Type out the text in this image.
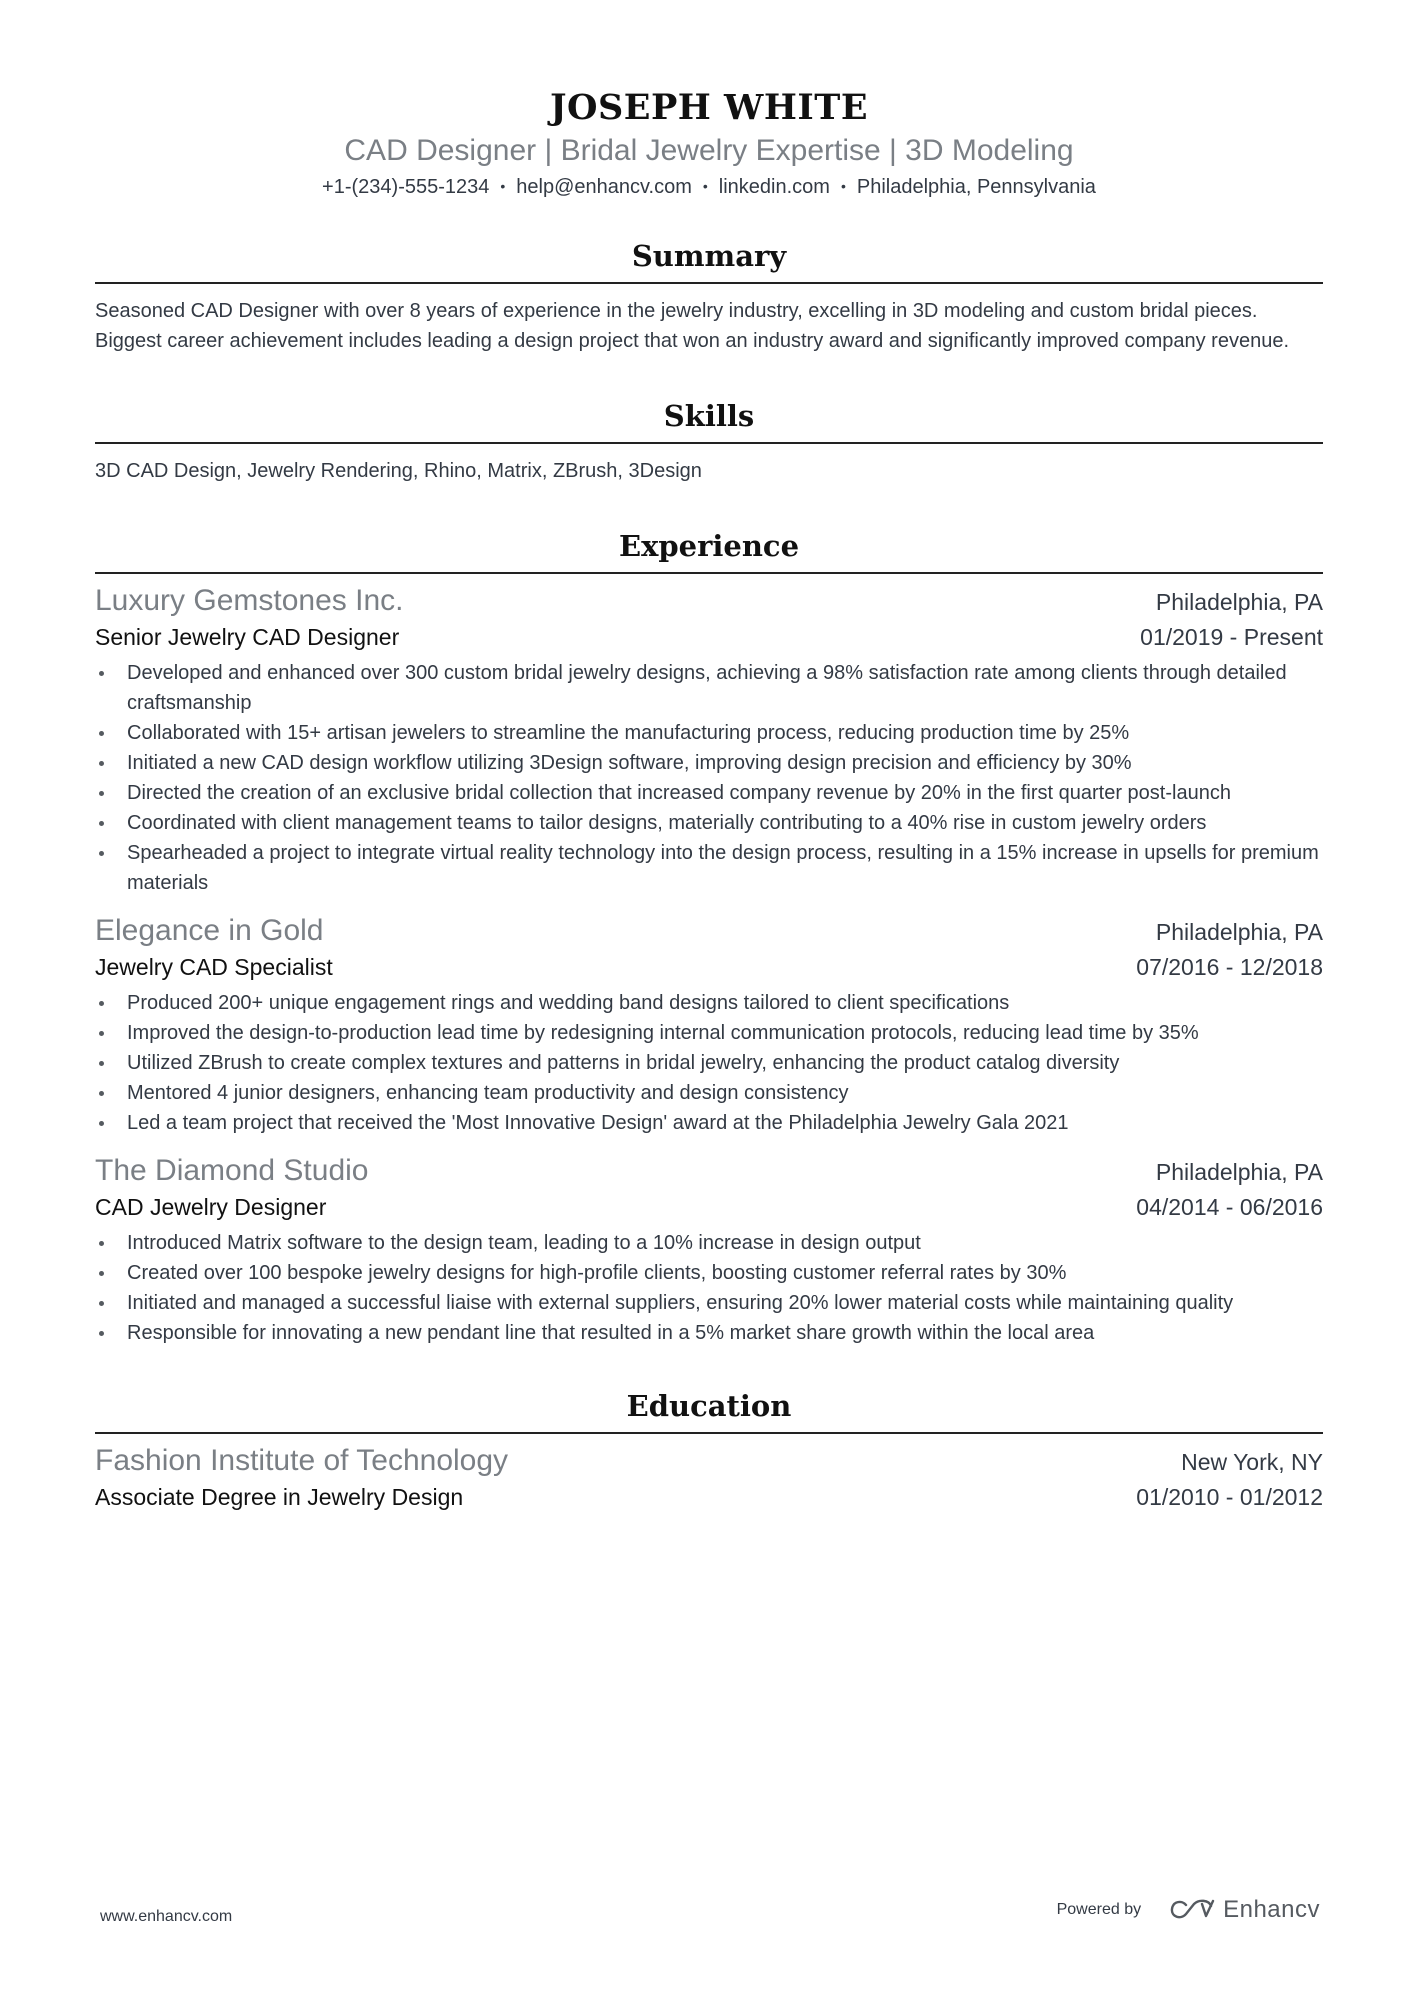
JOSEPH WHITE
CAD Designer | Bridal Jewelry Expertise | 3D Modeling
+1-(234)-555-1234 • help@enhancv.com • linkedin.com • Philadelphia, Pennsylvania
Summary
Seasoned CAD Designer with over 8 years of experience in the jewelry industry, excelling in 3D modeling and custom bridal pieces. Biggest career achievement includes leading a design project that won an industry award and significantly improved company revenue.
Skills
3D CAD Design, Jewelry Rendering, Rhino, Matrix, ZBrush, 3Design
Experience
Luxury Gemstones Inc.	Philadelphia, PA
Senior Jewelry CAD Designer	01/2019 - Present
Developed and enhanced over 300 custom bridal jewelry designs, achieving a 98% satisfaction rate among clients through detailed craftsmanship
Collaborated with 15+ artisan jewelers to streamline the manufacturing process, reducing production time by 25%
Initiated a new CAD design workflow utilizing 3Design software, improving design precision and efficiency by 30%
Directed the creation of an exclusive bridal collection that increased company revenue by 20% in the first quarter post-launch
Coordinated with client management teams to tailor designs, materially contributing to a 40% rise in custom jewelry orders
Spearheaded a project to integrate virtual reality technology into the design process, resulting in a 15% increase in upsells for premium materials
Elegance in Gold	Philadelphia, PA
Jewelry CAD Specialist	07/2016 - 12/2018
Produced 200+ unique engagement rings and wedding band designs tailored to client specifications
Improved the design-to-production lead time by redesigning internal communication protocols, reducing lead time by 35%
Utilized ZBrush to create complex textures and patterns in bridal jewelry, enhancing the product catalog diversity
Mentored 4 junior designers, enhancing team productivity and design consistency
Led a team project that received the 'Most Innovative Design' award at the Philadelphia Jewelry Gala 2021
The Diamond Studio	Philadelphia, PA
CAD Jewelry Designer	04/2014 - 06/2016
Introduced Matrix software to the design team, leading to a 10% increase in design output
Created over 100 bespoke jewelry designs for high-profile clients, boosting customer referral rates by 30%
Initiated and managed a successful liaise with external suppliers, ensuring 20% lower material costs while maintaining quality
Responsible for innovating a new pendant line that resulted in a 5% market share growth within the local area
Education
Fashion Institute of Technology	New York, NY
Associate Degree in Jewelry Design	01/2010 - 01/2012
www.enhancv.com	Powered by	Enhancv
